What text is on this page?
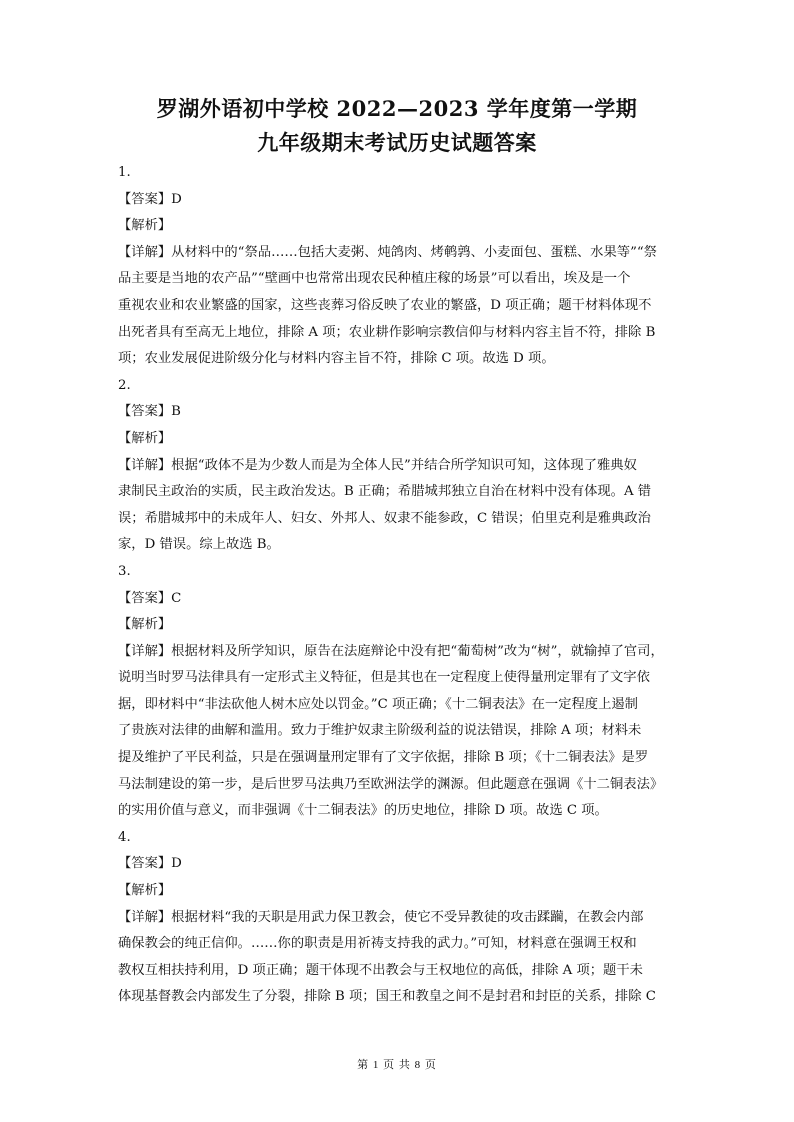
罗湖外语初中学校 2022—2023 学年度第一学期
九年级期末考试历史试题答案
1.
【答案】D
【解析】
【详解】从材料中的“祭品……包括大麦粥、炖鸽肉、烤鹌鹑、小麦面包、蛋糕、水果等”“祭
品主要是当地的农产品”“壁画中也常常出现农民种植庄稼的场景”可以看出，埃及是一个
重视农业和农业繁盛的国家，这些丧葬习俗反映了农业的繁盛，D 项正确；题干材料体现不
出死者具有至高无上地位，排除 A 项；农业耕作影响宗教信仰与材料内容主旨不符，排除 B
项；农业发展促进阶级分化与材料内容主旨不符，排除 C 项。故选 D 项。
2.
【答案】B
【解析】
【详解】根据“政体不是为少数人而是为全体人民”并结合所学知识可知，这体现了雅典奴
隶制民主政治的实质，民主政治发达。B 正确；希腊城邦独立自治在材料中没有体现。A 错
误；希腊城邦中的未成年人、妇女、外邦人、奴隶不能参政，C 错误；伯里克利是雅典政治
家，D 错误。综上故选 B。
3.
【答案】C
【解析】
【详解】根据材料及所学知识，原告在法庭辩论中没有把“葡萄树”改为“树”，就输掉了官司，
说明当时罗马法律具有一定形式主义特征，但是其也在一定程度上使得量刑定罪有了文字依
据，即材料中“非法砍他人树木应处以罚金。”C 项正确；《十二铜表法》在一定程度上遏制
了贵族对法律的曲解和滥用。致力于维护奴隶主阶级利益的说法错误，排除 A 项；材料未
提及维护了平民利益，只是在强调量刑定罪有了文字依据，排除 B 项；《十二铜表法》是罗
马法制建设的第一步，是后世罗马法典乃至欧洲法学的渊源。但此题意在强调《十二铜表法》
的实用价值与意义，而非强调《十二铜表法》的历史地位，排除 D 项。故选 C 项。
4.
【答案】D
【解析】
【详解】根据材料“我的天职是用武力保卫教会，使它不受异教徒的攻击蹂躏，在教会内部
确保教会的纯正信仰。……你的职责是用祈祷支持我的武力。”可知，材料意在强调王权和
教权互相扶持利用，D 项正确；题干体现不出教会与王权地位的高低，排除 A 项；题干未
体现基督教会内部发生了分裂，排除 B 项；国王和教皇之间不是封君和封臣的关系，排除 C
第 1 页 共 8 页
